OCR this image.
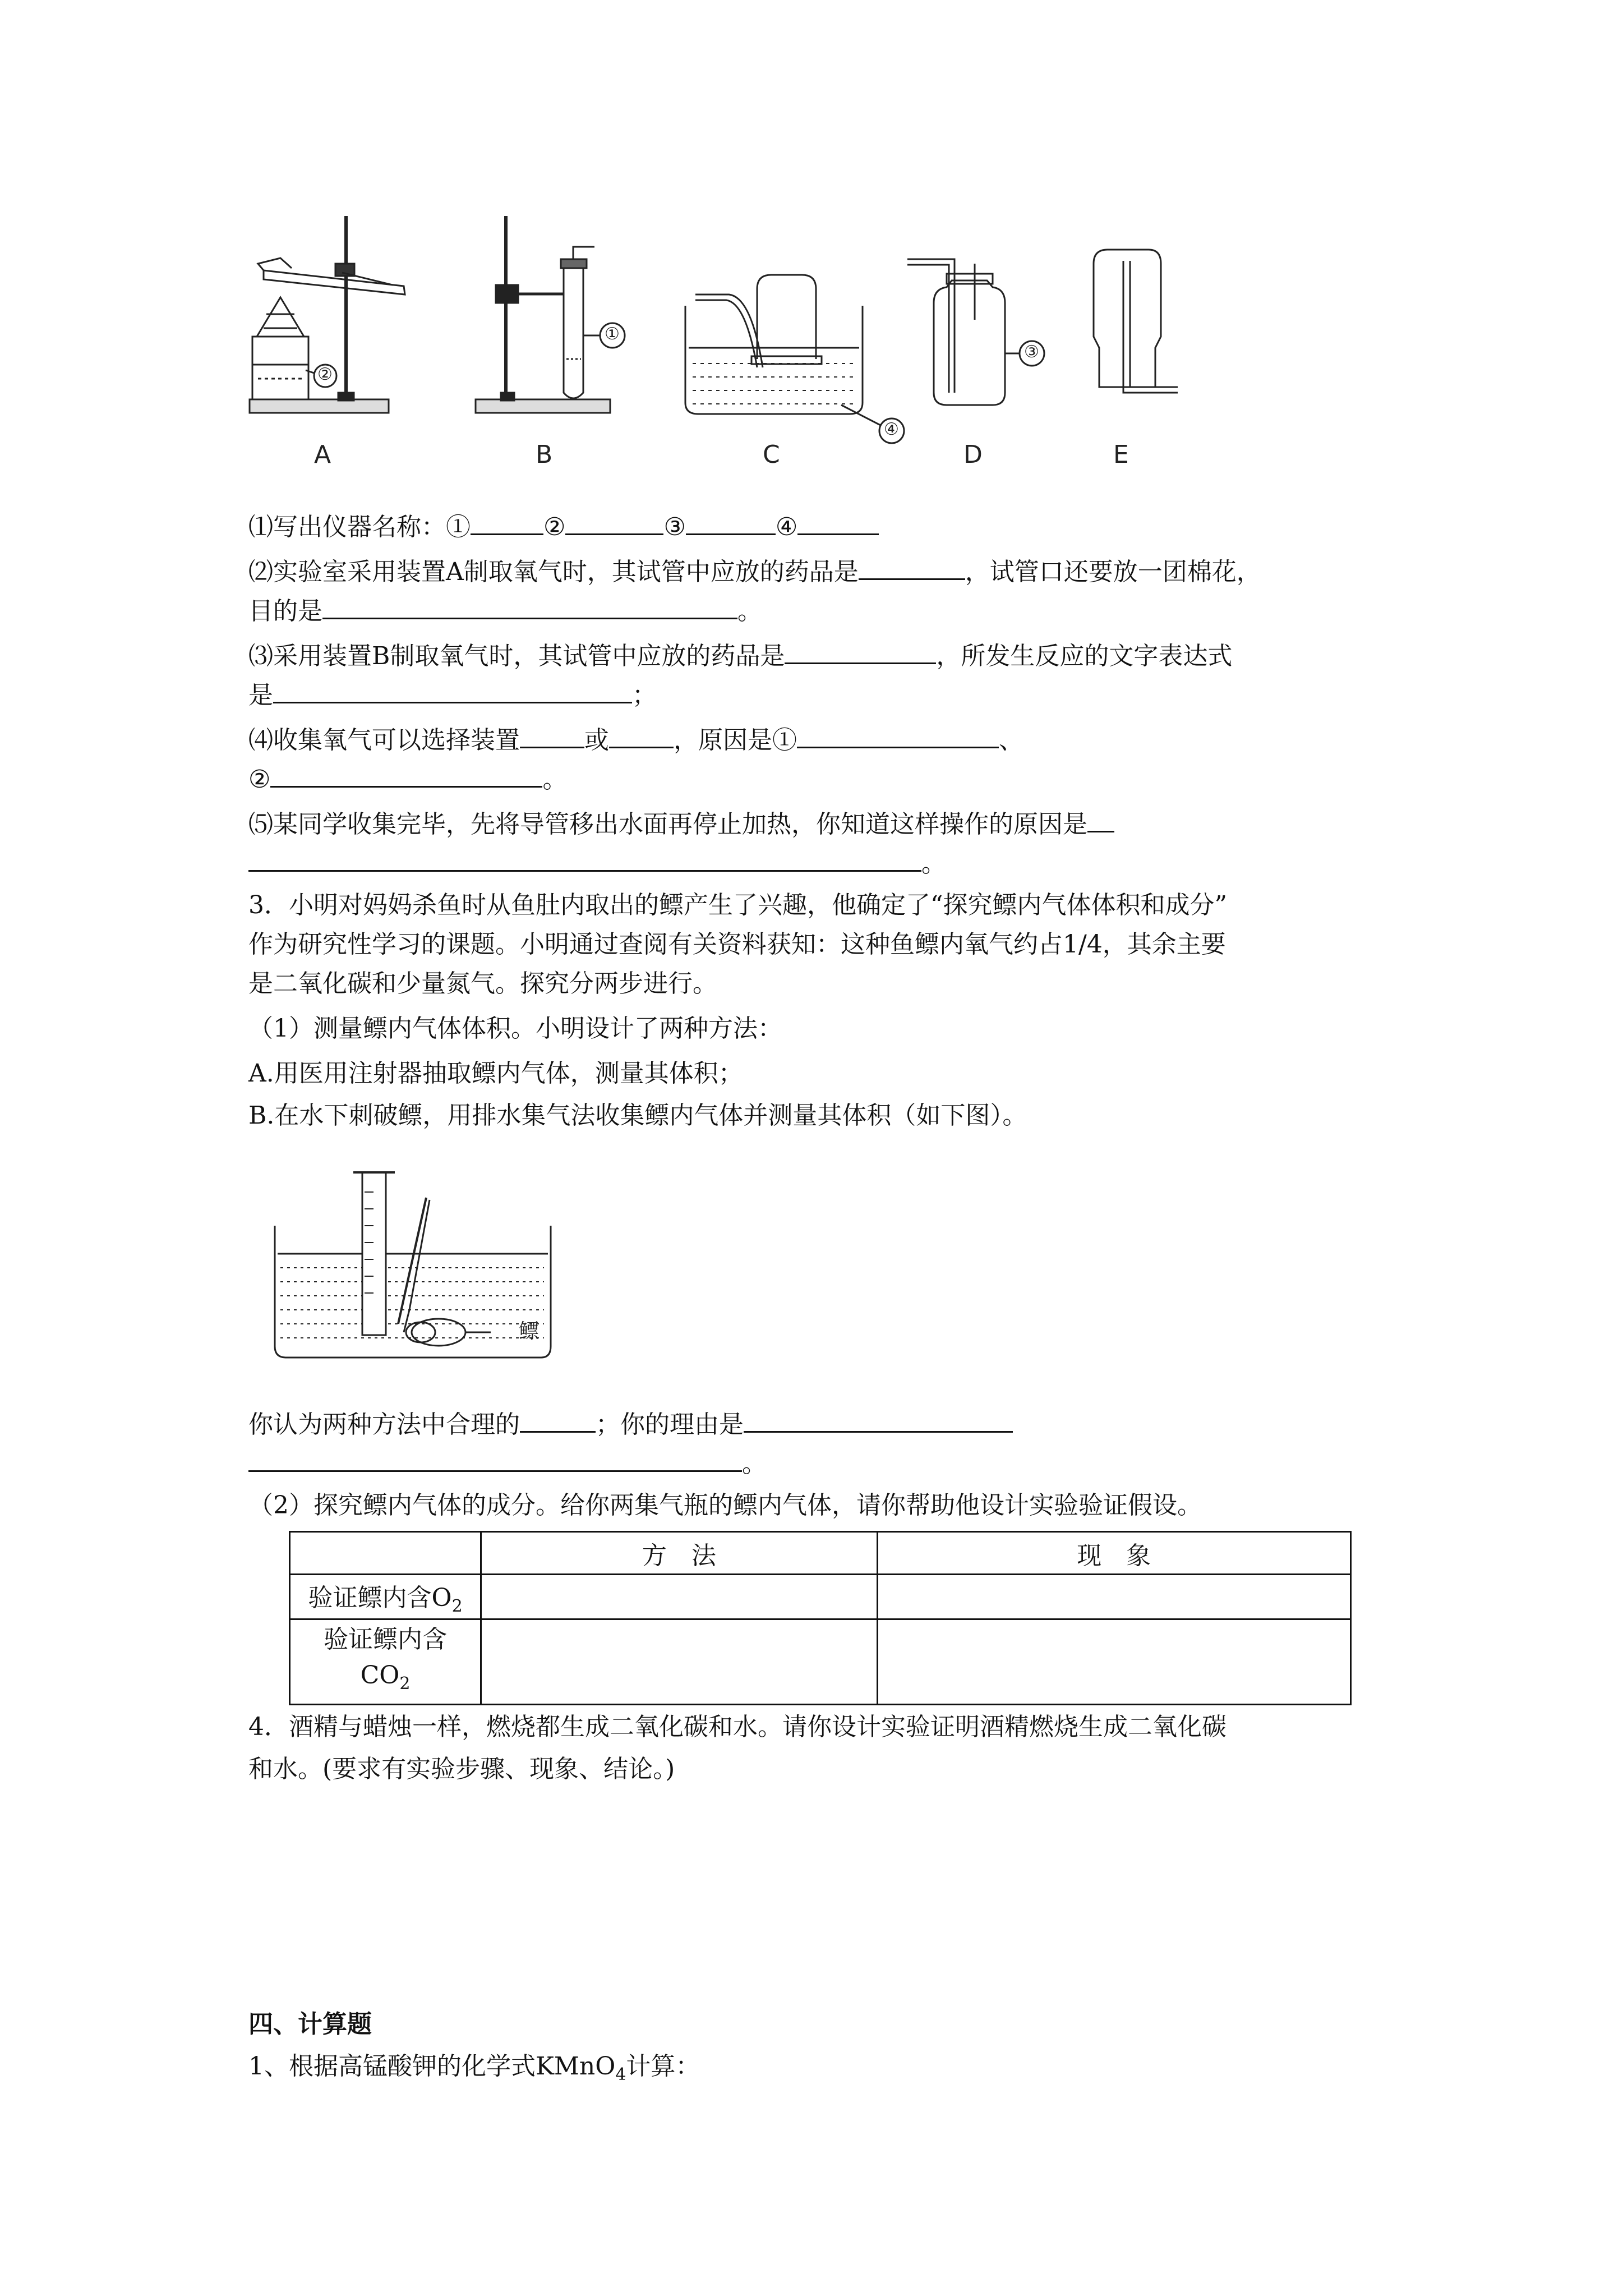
A	B	C	D	E
②
①
④
③
⑴写出仪器名称：①	②	③	④
⑵实验室采用装置A制取氧气时，其试管中应放的药品是	，试管口还要放一团棉花，
目的是	。
⑶采用装置B制取氧气时，其试管中应放的药品是	，所发生反应的文字表达式
是	；
⑷收集氧气可以选择装置	或	，原因是①	、
②	。
⑸某同学收集完毕，先将导管移出水面再停止加热，你知道这样操作的原因是
。
3．小明对妈妈杀鱼时从鱼肚内取出的鳔产生了兴趣，他确定了“探究鳔内气体体积和成分”
作为研究性学习的课题。小明通过查阅有关资料获知：这种鱼鳔内氧气约占1/4，其余主要
是二氧化碳和少量氮气。探究分两步进行。
（1）测量鳔内气体体积。小明设计了两种方法：
A.用医用注射器抽取鳔内气体，测量其体积；
B.在水下刺破鳔，用排水集气法收集鳔内气体并测量其体积（如下图）。
鳔
你认为两种方法中合理的	；你的理由是
。
（2）探究鳔内气体的成分。给你两集气瓶的鳔内气体，请你帮助他设计实验验证假设。
	方　法	现　象
验证鳔内含$O_2$		
验证鳔内含
$CO_2$		
4．酒精与蜡烛一样，燃烧都生成二氧化碳和水。请你设计实验证明酒精燃烧生成二氧化碳
和水。(要求有实验步骤、现象、结论。)
四、计算题
1、根据高锰酸钾的化学式KMnO$_4$计算：
